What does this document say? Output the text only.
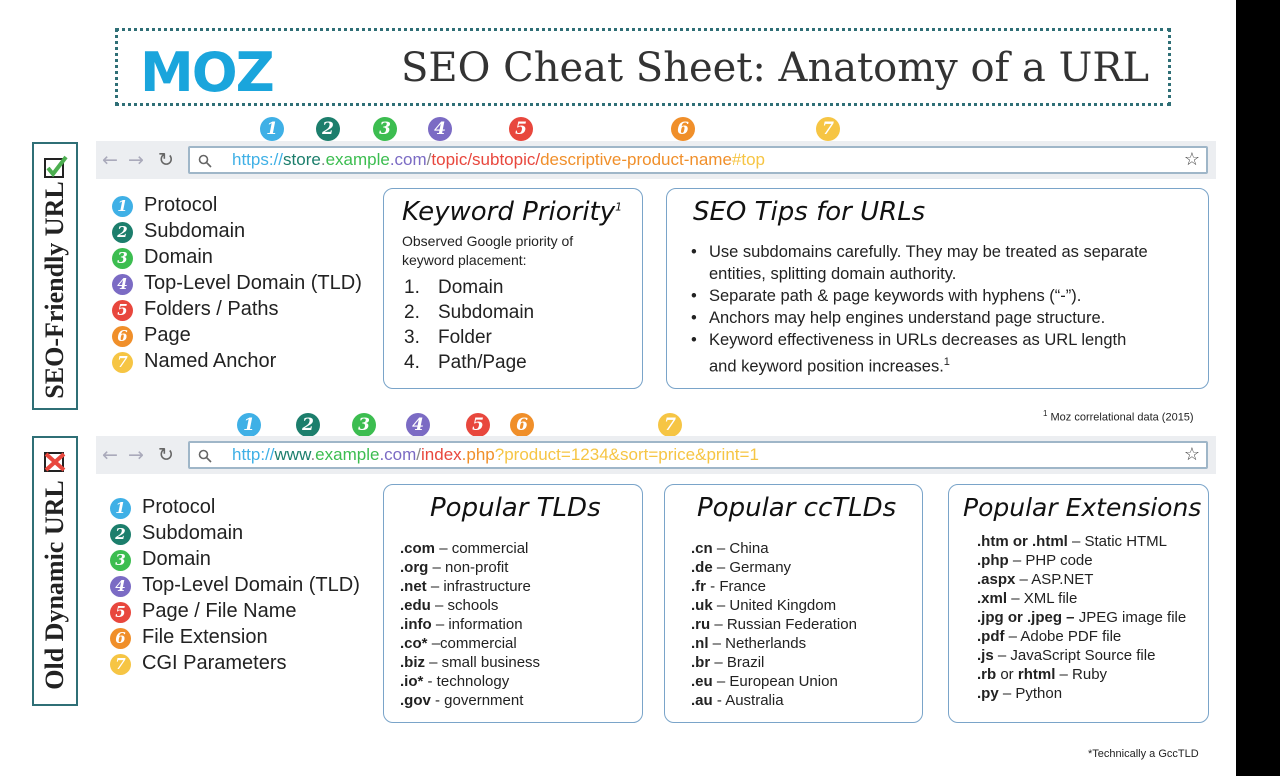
MOZ	SEO Cheat Sheet: Anatomy of a URL
SEO-Friendly URL
1	2	3	4	5	6	7
← → ↻	https://store.example.com/topic/subtopic/descriptive-product-name#top	☆
1 Protocol
2 Subdomain
3 Domain
4 Top-Level Domain (TLD)
5 Folders / Paths
6 Page
7 Named Anchor
Keyword Priority$^1$
Observed Google priority of
keyword placement:
1. Domain
2. Subdomain
3. Folder
4. Path/Page
SEO Tips for URLs
• Use subdomains carefully. They may be treated as separate
entities, splitting domain authority.
• Separate path & page keywords with hyphens (“-”).
• Anchors may help engines understand page structure.
• Keyword effectiveness in URLs decreases as URL length
and keyword position increases.$^1$
$^1$ Moz correlational data (2015)
Old Dynamic URL
1	2	3	4	5	6	7
← → ↻	http://www.example.com/index.php?product=1234&sort=price&print=1	☆
1 Protocol
2 Subdomain
3 Domain
4 Top-Level Domain (TLD)
5 Page / File Name
6 File Extension
7 CGI Parameters
Popular TLDs
.com – commercial
.org – non-profit
.net – infrastructure
.edu – schools
.info – information
.co* –commercial
.biz – small business
.io* - technology
.gov - government
Popular ccTLDs
.cn – China
.de – Germany
.fr - France
.uk – United Kingdom
.ru – Russian Federation
.nl – Netherlands
.br – Brazil
.eu – European Union
.au - Australia
Popular Extensions
.htm or .html – Static HTML
.php – PHP code
.aspx – ASP.NET
.xml – XML file
.jpg or .jpeg – JPEG image file
.pdf – Adobe PDF file
.js – JavaScript Source file
.rb or rhtml – Ruby
.py – Python
*Technically a GccTLD
